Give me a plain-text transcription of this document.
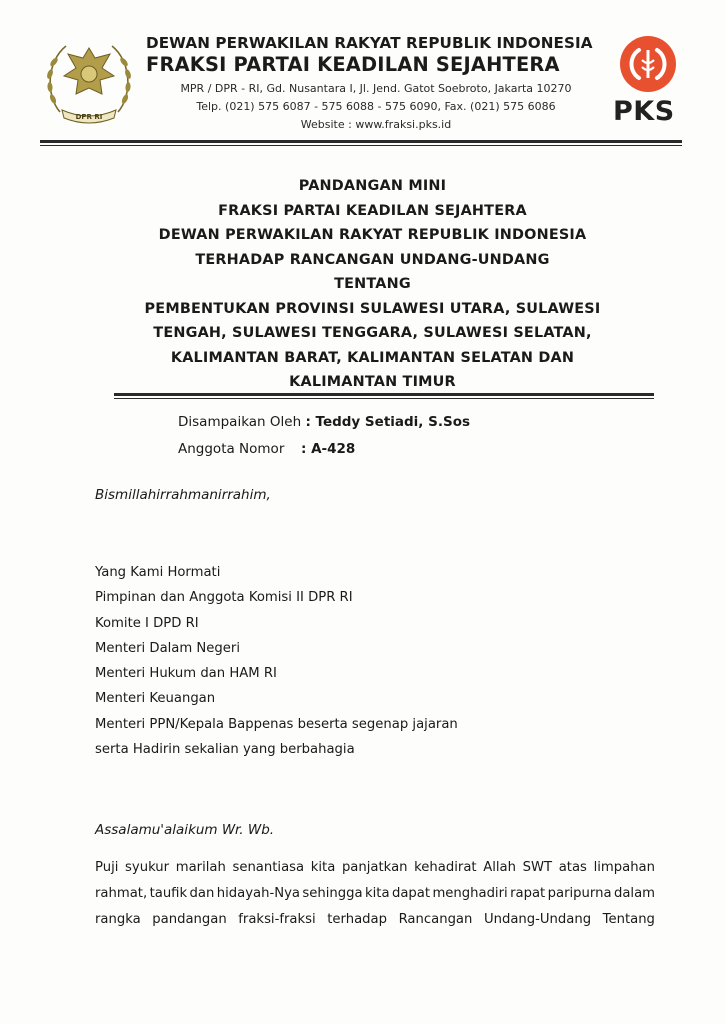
DPR RI
DEWAN PERWAKILAN RAKYAT REPUBLIK INDONESIA
FRAKSI PARTAI KEADILAN SEJAHTERA
MPR / DPR - RI, Gd. Nusantara I, Jl. Jend. Gatot Soebroto, Jakarta 10270
Telp. (021) 575 6087 - 575 6088 - 575 6090, Fax. (021) 575 6086
Website : www.fraksi.pks.id	PKS
PANDANGAN MINI
FRAKSI PARTAI KEADILAN SEJAHTERA
DEWAN PERWAKILAN RAKYAT REPUBLIK INDONESIA
TERHADAP RANCANGAN UNDANG-UNDANG
TENTANG
PEMBENTUKAN PROVINSI SULAWESI UTARA, SULAWESI
TENGAH, SULAWESI TENGGARA, SULAWESI SELATAN,
KALIMANTAN BARAT, KALIMANTAN SELATAN DAN
KALIMANTAN TIMUR
Disampaikan Oleh : Teddy Setiadi, S.Sos
Anggota Nomor : A-428
Bismillahirrahmanirrahim,
Yang Kami Hormati
Pimpinan dan Anggota Komisi II DPR RI
Komite I DPD RI
Menteri Dalam Negeri
Menteri Hukum dan HAM RI
Menteri Keuangan
Menteri PPN/Kepala Bappenas beserta segenap jajaran
serta Hadirin sekalian yang berbahagia
Assalamu'alaikum Wr. Wb.
Puji syukur marilah senantiasa kita panjatkan kehadirat Allah SWT atas limpahan
rahmat, taufik dan hidayah-Nya sehingga kita dapat menghadiri rapat paripurna dalam
rangka pandangan fraksi-fraksi terhadap Rancangan Undang-Undang Tentang
